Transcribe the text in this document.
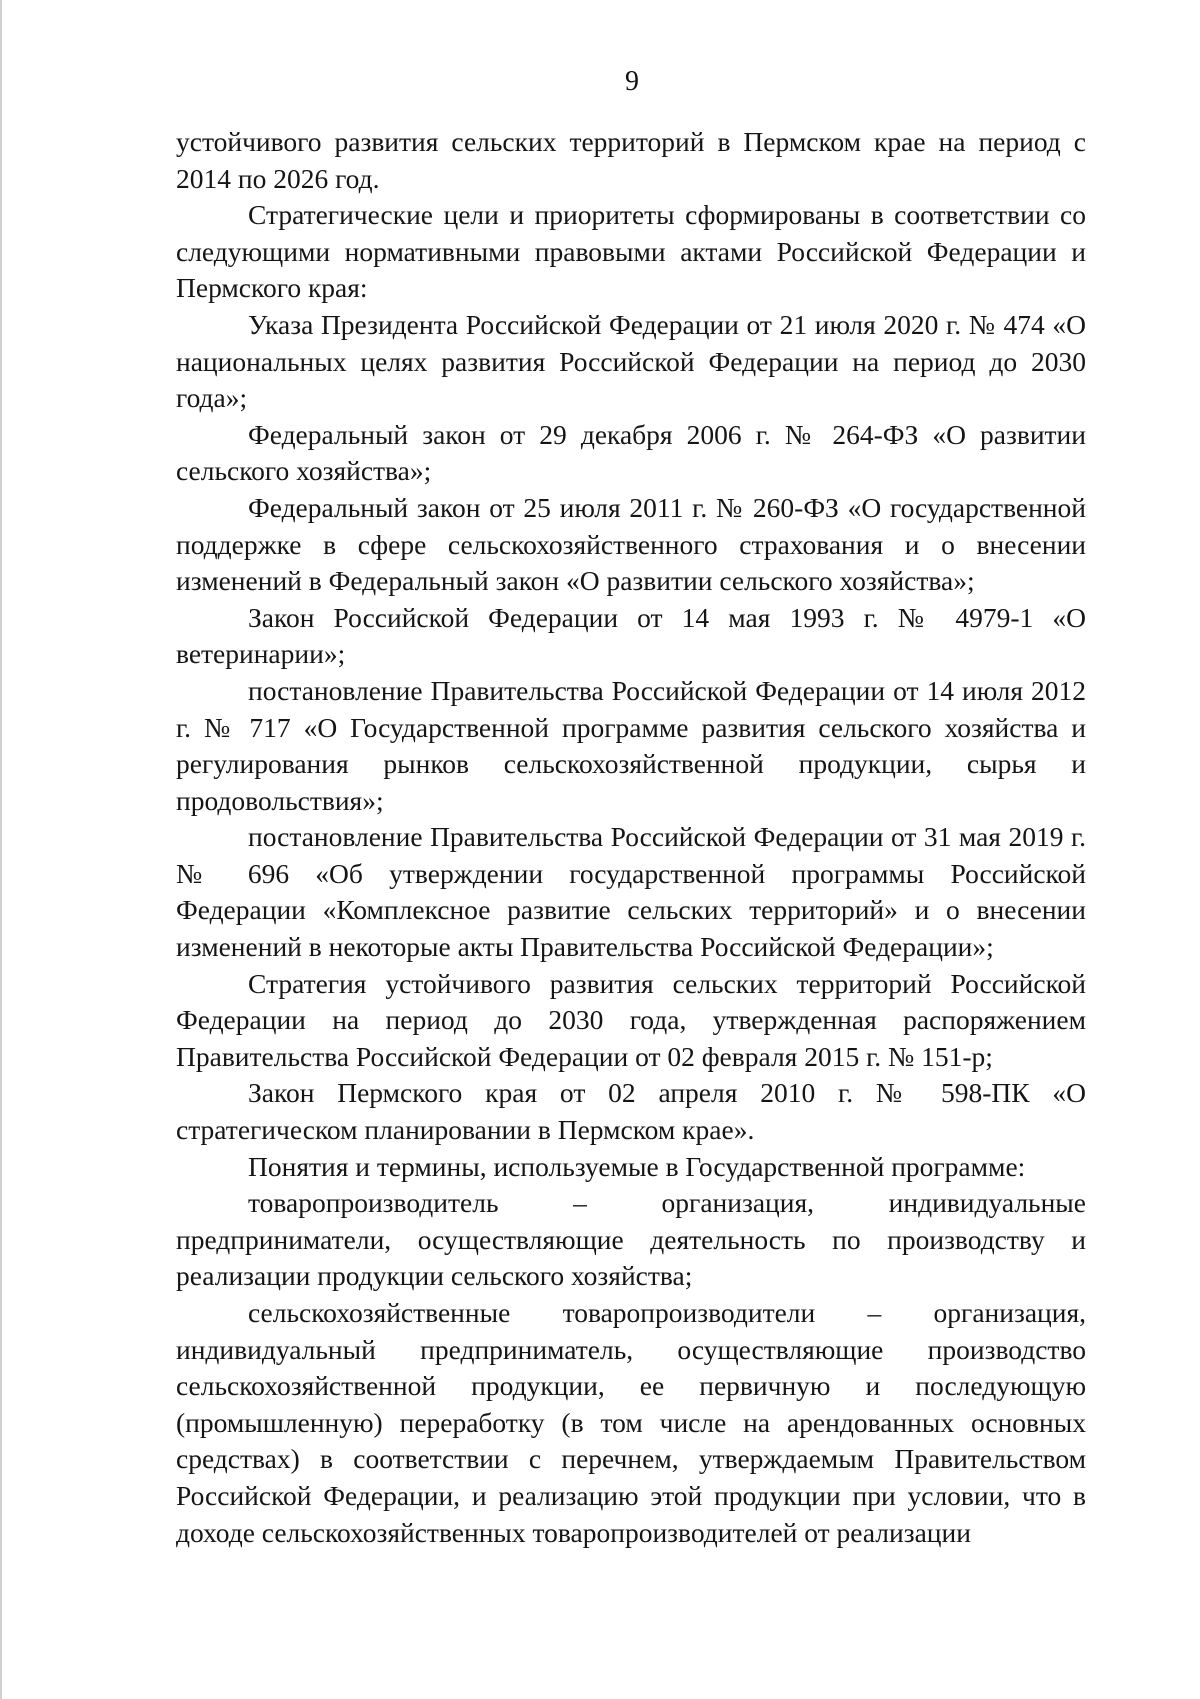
9

устойчивого развития сельских территорий в Пермском крае на период с 2014 по 2026 год.

Стратегические цели и приоритеты сформированы в соответствии со следующими нормативными правовыми актами Российской Федерации и Пермского края:

Указа Президента Российской Федерации от 21 июля 2020 г. № 474 «О национальных целях развития Российской Федерации на период до 2030 года»;

Федеральный закон от 29 декабря 2006 г. № 264-ФЗ «О развитии сельского хозяйства»;

Федеральный закон от 25 июля 2011 г. № 260-ФЗ «О государственной поддержке в сфере сельскохозяйственного страхования и о внесении изменений в Федеральный закон «О развитии сельского хозяйства»;

Закон Российской Федерации от 14 мая 1993 г. № 4979-1 «О ветеринарии»;

постановление Правительства Российской Федерации от 14 июля 2012 г. № 717 «О Государственной программе развития сельского хозяйства и регулирования рынков сельскохозяйственной продукции, сырья и продовольствия»;

постановление Правительства Российской Федерации от 31 мая 2019 г. № 696 «Об утверждении государственной программы Российской Федерации «Комплексное развитие сельских территорий» и о внесении изменений в некоторые акты Правительства Российской Федерации»;

Стратегия устойчивого развития сельских территорий Российской Федерации на период до 2030 года, утвержденная распоряжением Правительства Российской Федерации от 02 февраля 2015 г. № 151-р;

Закон Пермского края от 02 апреля 2010 г. № 598-ПК «О стратегическом планировании в Пермском крае».

Понятия и термины, используемые в Государственной программе:

товаропроизводитель – организация, индивидуальные предприниматели, осуществляющие деятельность по производству и реализации продукции сельского хозяйства;

сельскохозяйственные товаропроизводители – организация, индивидуальный предприниматель, осуществляющие производство сельскохозяйственной продукции, ее первичную и последующую (промышленную) переработку (в том числе на арендованных основных средствах) в соответствии с перечнем, утверждаемым Правительством Российской Федерации, и реализацию этой продукции при условии, что в доходе сельскохозяйственных товаропроизводителей от реализации
